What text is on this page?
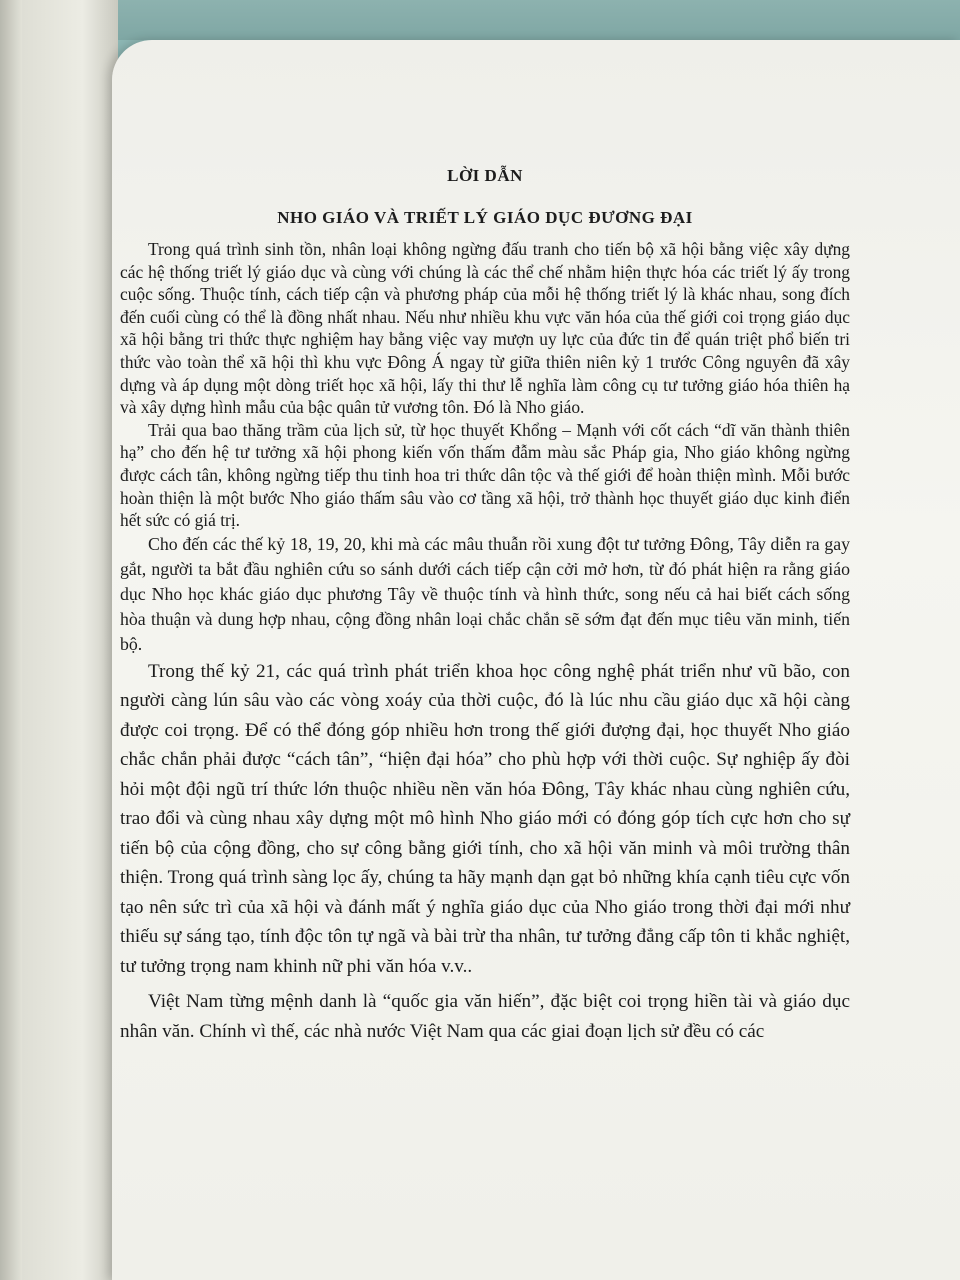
LỜI DẪN

NHO GIÁO VÀ TRIẾT LÝ GIÁO DỤC ĐƯƠNG ĐẠI

Trong quá trình sinh tồn, nhân loại không ngừng đấu tranh cho tiến bộ xã hội bằng việc xây dựng các hệ thống triết lý giáo dục và cùng với chúng là các thể chế nhằm hiện thực hóa các triết lý ấy trong cuộc sống. Thuộc tính, cách tiếp cận và phương pháp của mỗi hệ thống triết lý là khác nhau, song đích đến cuối cùng có thể là đồng nhất nhau. Nếu như nhiều khu vực văn hóa của thế giới coi trọng giáo dục xã hội bằng tri thức thực nghiệm hay bằng việc vay mượn uy lực của đức tin để quán triệt phổ biến tri thức vào toàn thể xã hội thì khu vực Đông Á ngay từ giữa thiên niên kỷ 1 trước Công nguyên đã xây dựng và áp dụng một dòng triết học xã hội, lấy thi thư lễ nghĩa làm công cụ tư tưởng giáo hóa thiên hạ và xây dựng hình mẫu của bậc quân tử vương tôn. Đó là Nho giáo.

Trải qua bao thăng trầm của lịch sử, từ học thuyết Khổng – Mạnh với cốt cách “dĩ văn thành thiên hạ” cho đến hệ tư tưởng xã hội phong kiến vốn thấm đẫm màu sắc Pháp gia, Nho giáo không ngừng được cách tân, không ngừng tiếp thu tinh hoa tri thức dân tộc và thế giới để hoàn thiện mình. Mỗi bước hoàn thiện là một bước Nho giáo thấm sâu vào cơ tầng xã hội, trở thành học thuyết giáo dục kinh điển hết sức có giá trị.

Cho đến các thế kỷ 18, 19, 20, khi mà các mâu thuẫn rồi xung đột tư tưởng Đông, Tây diễn ra gay gắt, người ta bắt đầu nghiên cứu so sánh dưới cách tiếp cận cởi mở hơn, từ đó phát hiện ra rằng giáo dục Nho học khác giáo dục phương Tây về thuộc tính và hình thức, song nếu cả hai biết cách sống hòa thuận và dung hợp nhau, cộng đồng nhân loại chắc chắn sẽ sớm đạt đến mục tiêu văn minh, tiến bộ.

Trong thế kỷ 21, các quá trình phát triển khoa học công nghệ phát triển như vũ bão, con người càng lún sâu vào các vòng xoáy của thời cuộc, đó là lúc nhu cầu giáo dục xã hội càng được coi trọng. Để có thể đóng góp nhiều hơn trong thế giới đượng đại, học thuyết Nho giáo chắc chắn phải được “cách tân”, “hiện đại hóa” cho phù hợp với thời cuộc. Sự nghiệp ấy đòi hỏi một đội ngũ trí thức lớn thuộc nhiều nền văn hóa Đông, Tây khác nhau cùng nghiên cứu, trao đổi và cùng nhau xây dựng một mô hình Nho giáo mới có đóng góp tích cực hơn cho sự tiến bộ của cộng đồng, cho sự công bằng giới tính, cho xã hội văn minh và môi trường thân thiện. Trong quá trình sàng lọc ấy, chúng ta hãy mạnh dạn gạt bỏ những khía cạnh tiêu cực vốn tạo nên sức trì của xã hội và đánh mất ý nghĩa giáo dục của Nho giáo trong thời đại mới như thiếu sự sáng tạo, tính độc tôn tự ngã và bài trừ tha nhân, tư tưởng đẳng cấp tôn ti khắc nghiệt, tư tưởng trọng nam khinh nữ phi văn hóa v.v..

Việt Nam từng mệnh danh là “quốc gia văn hiến”, đặc biệt coi trọng hiền tài và giáo dục nhân văn. Chính vì thế, các nhà nước Việt Nam qua các giai đoạn lịch sử đều có các
